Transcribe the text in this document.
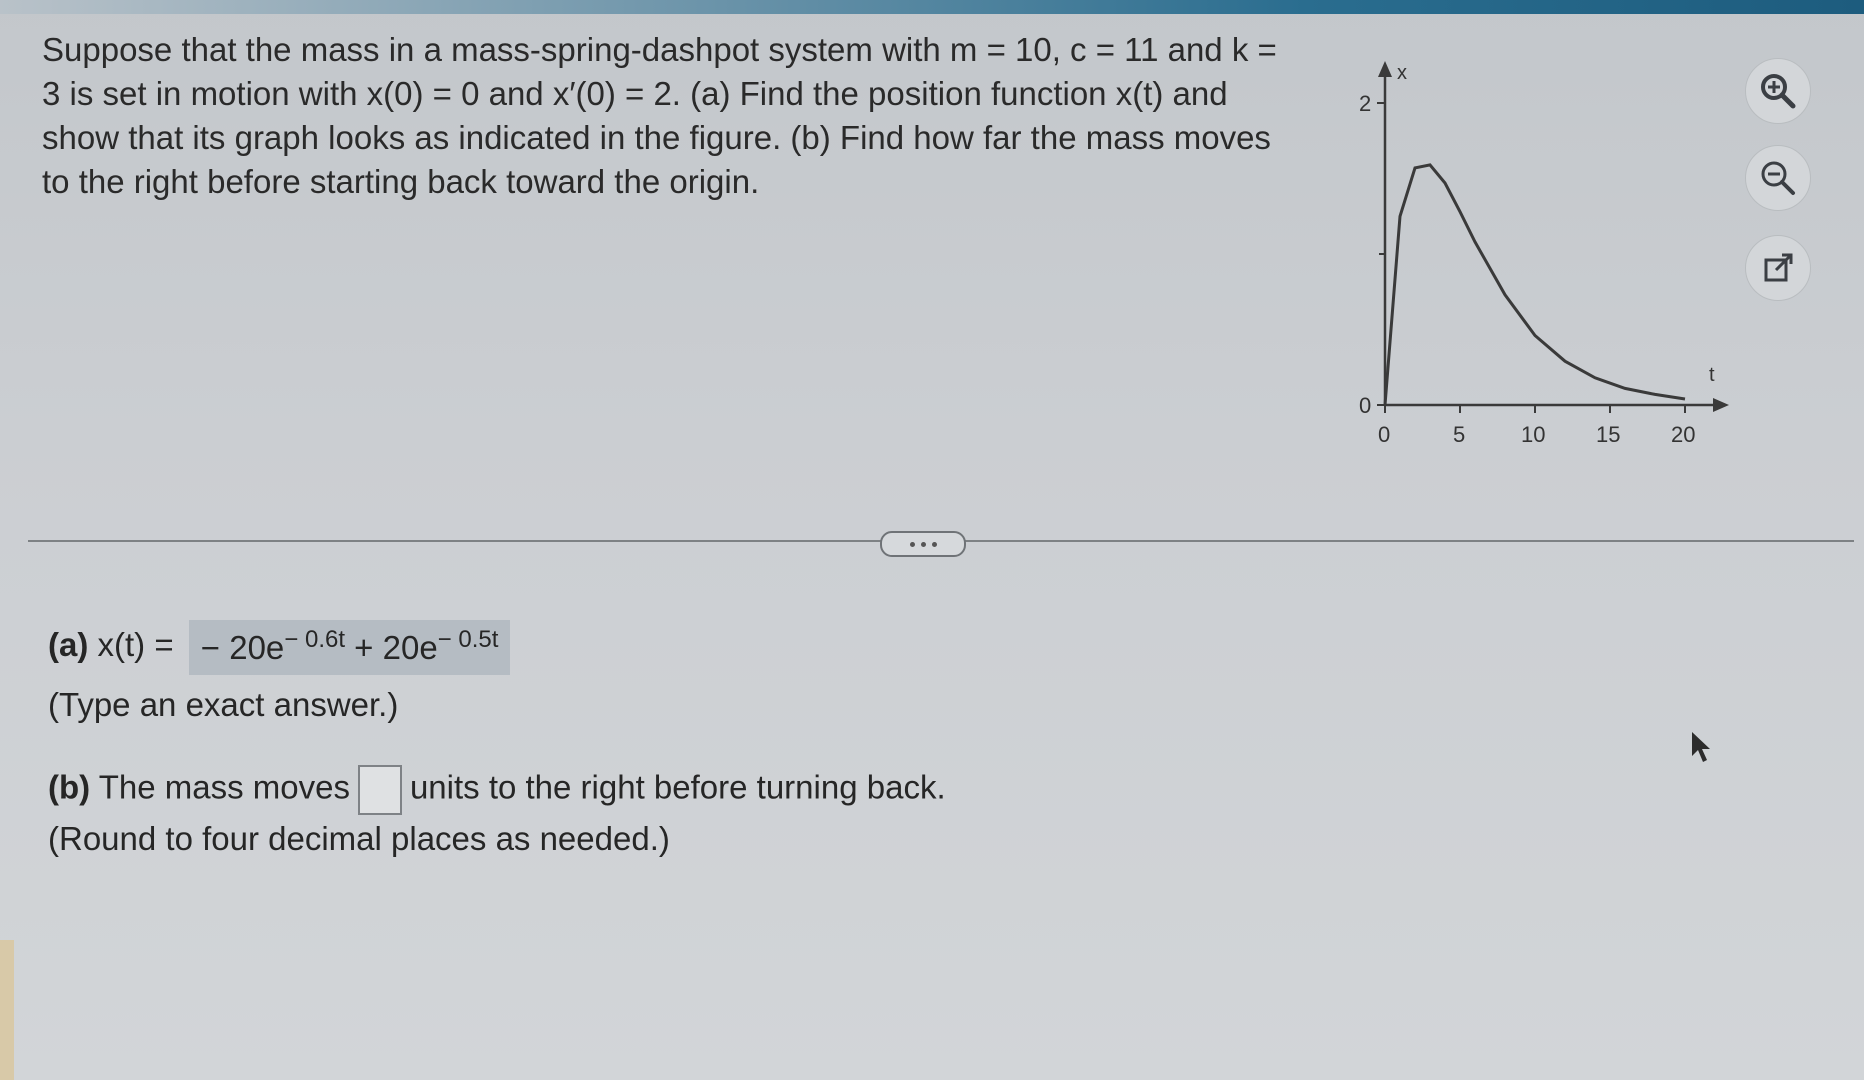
Suppose that the mass in a mass-spring-dashpot system with m = 10, c = 11 and k = 3 is set in motion with x(0) = 0 and x′(0) = 2. (a) Find the position function x(t) and show that its graph looks as indicated in the figure. (b) Find how far the mass moves to the right before starting back toward the origin.
x
t
2
0
0	5	10 15 20
(a) x(t) = − $20e^{- 0.6t} + 20e^{- 0.5t}$
(Type an exact answer.)
(b) The mass moves units to the right before turning back.
(Round to four decimal places as needed.)
